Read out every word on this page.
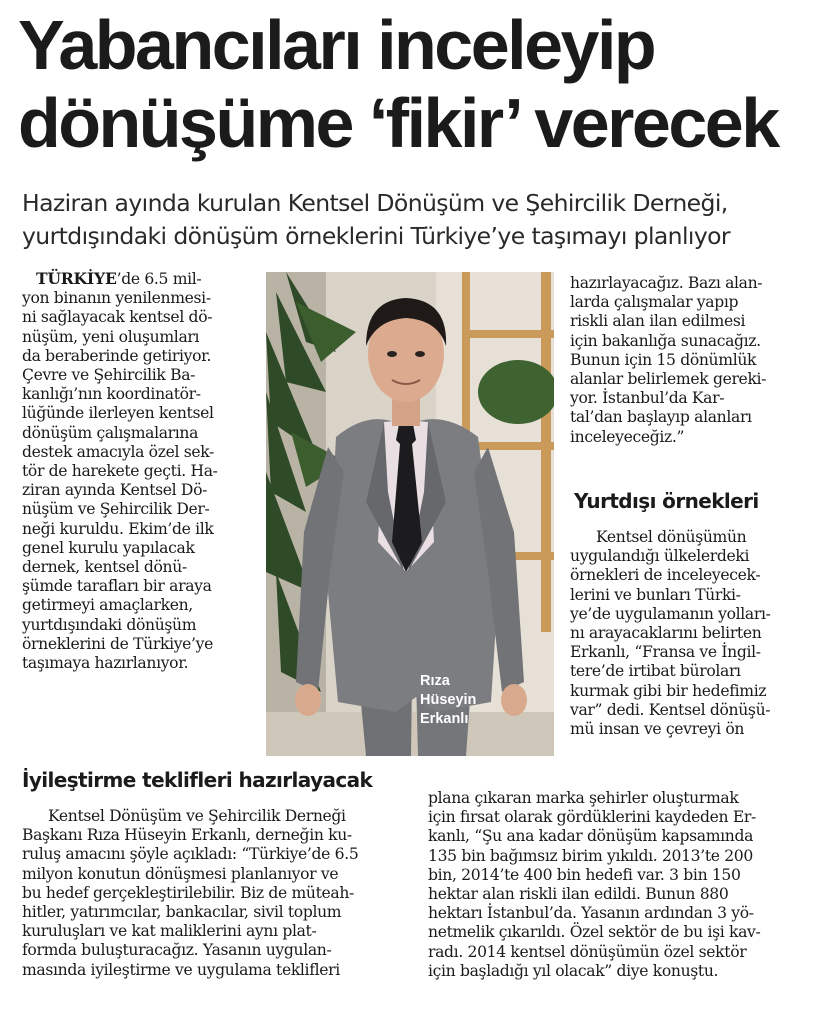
Yabancıları inceleyip
dönüşüme ‘fikir’ verecek
Haziran ayında kurulan Kentsel Dönüşüm ve Şehircilik Derneği,
yurtdışındaki dönüşüm örneklerini Türkiye’ye taşımayı planlıyor
TÜRKİYE’de 6.5 mil-
yon binanın yenilenmesi-
ni sağlayacak kentsel dö-
nüşüm, yeni oluşumları
da beraberinde getiriyor.
Çevre ve Şehircilik Ba-
kanlığı’nın koordinatör-
lüğünde ilerleyen kentsel
dönüşüm çalışmalarına
destek amacıyla özel sek-
tör de harekete geçti. Ha-
ziran ayında Kentsel Dö-
nüşüm ve Şehircilik Der-
neği kuruldu. Ekim’de ilk
genel kurulu yapılacak
dernek, kentsel dönü-
şümde tarafları bir araya
getirmeyi amaçlarken,
yurtdışındaki dönüşüm
örneklerini de Türkiye’ye
taşımaya hazırlanıyor.
Rıza
Hüseyin
Erkanlı
İyileştirme teklifleri hazırlayacak
Kentsel Dönüşüm ve Şehircilik Derneği
Başkanı Rıza Hüseyin Erkanlı, derneğin ku-
ruluş amacını şöyle açıkladı: “Türkiye’de 6.5
milyon konutun dönüşmesi planlanıyor ve
bu hedef gerçekleştirilebilir. Biz de müteah-
hitler, yatırımcılar, bankacılar, sivil toplum
kuruluşları ve kat maliklerini aynı plat-
formda buluşturacağız. Yasanın uygulan-
masında iyileştirme ve uygulama teklifleri
hazırlayacağız. Bazı alan-
larda çalışmalar yapıp
riskli alan ilan edilmesi
için bakanlığa sunacağız.
Bunun için 15 dönümlük
alanlar belirlemek gereki-
yor. İstanbul’da Kar-
tal’dan başlayıp alanları
inceleyeceğiz.”
Yurtdışı örnekleri
Kentsel dönüşümün
uygulandığı ülkelerdeki
örnekleri de inceleyecek-
lerini ve bunları Türki-
ye’de uygulamanın yolları-
nı arayacaklarını belirten
Erkanlı, “Fransa ve İngil-
tere’de irtibat büroları
kurmak gibi bir hedefimiz
var” dedi. Kentsel dönüşü-
mü insan ve çevreyi ön
plana çıkaran marka şehirler oluşturmak
için fırsat olarak gördüklerini kaydeden Er-
kanlı, “Şu ana kadar dönüşüm kapsamında
135 bin bağımsız birim yıkıldı. 2013’te 200
bin, 2014’te 400 bin hedefi var. 3 bin 150
hektar alan riskli ilan edildi. Bunun 880
hektarı İstanbul’da. Yasanın ardından 3 yö-
netmelik çıkarıldı. Özel sektör de bu işi kav-
radı. 2014 kentsel dönüşümün özel sektör
için başladığı yıl olacak” diye konuştu.
